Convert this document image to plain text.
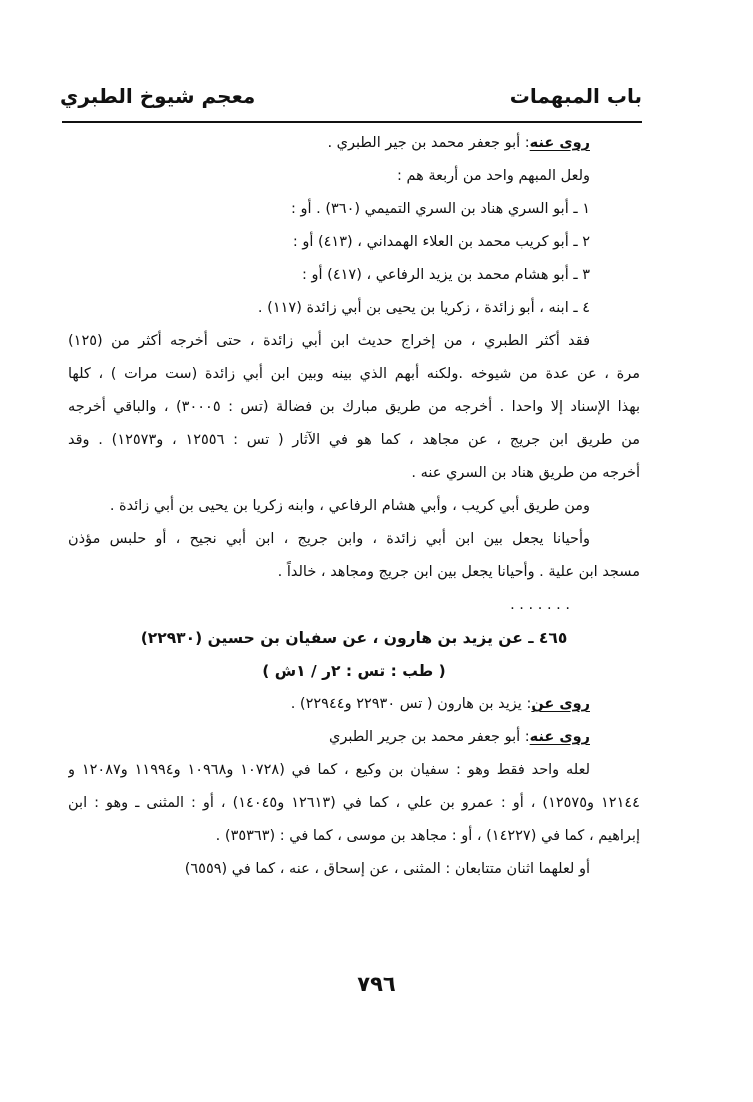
باب المبهمات
معجم شيوخ الطبري
روى عنه: أبو جعفر محمد بن جير الطبري .
ولعل المبهم واحد من أربعة هم :
١ ـ أبو السري هناد بن السري التميمي (٣٦٠) . أو :
٢ ـ أبو كريب محمد بن العلاء الهمداني ، (٤١٣) أو :
٣ ـ أبو هشام محمد بن يزيد الرفاعي ، (٤١٧) أو :
٤ ـ ابنه ، أبو زائدة ، زكريا بن يحيى بن أبي زائدة (١١٧) .
فقد أكثر الطبري ، من إخراج حديث ابن أبي زائدة ، حتى أخرجه أكثر من (١٢٥)
مرة ، عن عدة من شيوخه .ولكنه أبهم الذي بينه وبين ابن أبي زائدة (ست مرات ) ، كلها
بهذا الإسناد إلا واحدا . أخرجه من طريق مبارك بن فضالة (تس : ٣٠٠٠٥) ، والباقي أخرجه
من طريق ابن جريج ، عن مجاهد ، كما هو في الآثار ( تس : ١٢٥٥٦ ، و١٢٥٧٣) . وقد
أخرجه من طريق هناد بن السري عنه .
ومن طريق أبي كريب ، وأبي هشام الرفاعي ، وابنه زكريا بن يحيى بن أبي زائدة .
وأحيانا يجعل بين ابن أبي زائدة ، وابن جريج ، ابن أبي نجيح ، أو حلبس مؤذن
مسجد ابن علية . وأحيانا يجعل بين ابن جريج ومجاهد ، خالداً .
. . . . . . .
٤٦٥ ـ عن يزيد بن هارون ، عن سفيان بن حسين (٢٢٩٣٠)
( طب : تس : ٢ر / ١ش )
روى عن: يزيد بن هارون ( تس ٢٢٩٣٠ و٢٢٩٤٤) .
روى عنه: أبو جعفر محمد بن جرير الطبري
لعله واحد فقط وهو : سفيان بن وكيع ، كما في (١٠٧٢٨ و١٠٩٦٨ و١١٩٩٤ و١٢٠٨٧ و
١٢١٤٤ و١٢٥٧٥) ، أو : عمرو بن علي ، كما في (١٢٦١٣ و١٤٠٤٥) ، أو : المثنى ـ وهو : ابن
إبراهيم ، كما في (١٤٢٢٧) ، أو : مجاهد بن موسى ، كما في : (٣٥٣٦٣) .
أو لعلهما اثنان متتابعان : المثنى ، عن إسحاق ، عنه ، كما في (٦٥٥٩)
٧٩٦
